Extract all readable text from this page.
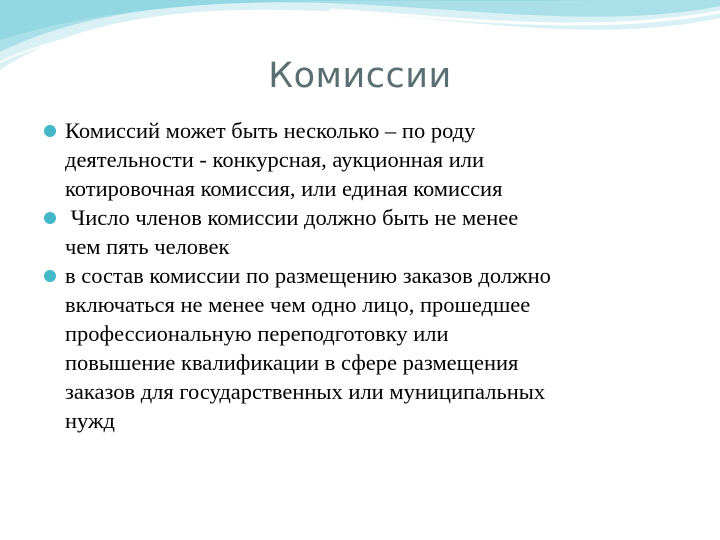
Комиссии
Комиссий может быть несколько – по роду
деятельности - конкурсная, аукционная или
котировочная комиссия, или единая комиссия
Число членов комиссии должно быть не менее
чем пять человек
в состав комиссии по размещению заказов должно
включаться не менее чем одно лицо, прошедшее
профессиональную переподготовку или
повышение квалификации в сфере размещения
заказов для государственных или муниципальных
нужд
